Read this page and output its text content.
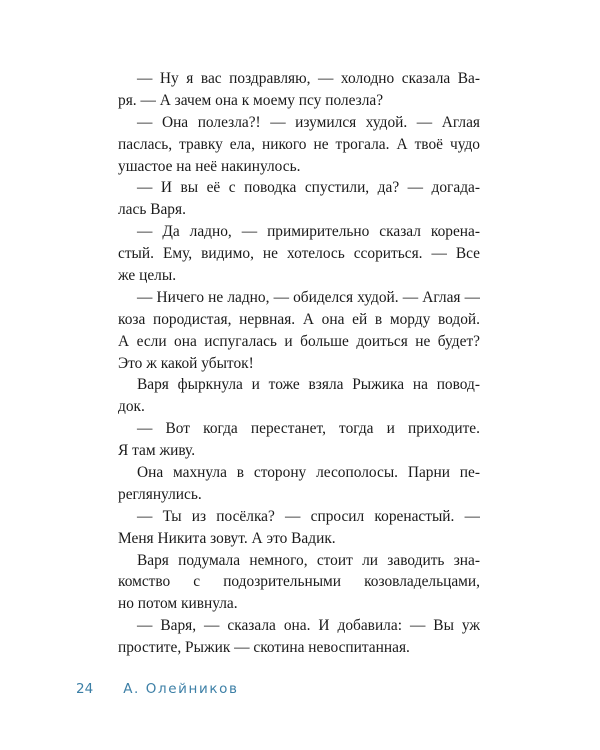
— Ну я вас поздравляю, — холодно сказала Ва-
ря. — А зачем она к моему псу полезла?
— Она полезла?! — изумился худой. — Аглая
паслась, травку ела, никого не трогала. А твоё чудо
ушастое на неё накинулось.
— И вы её с поводка спустили, да? — догада-
лась Варя.
— Да ладно, — примирительно сказал корена-
стый. Ему, видимо, не хотелось ссориться. — Все
же целы.
— Ничего не ладно, — обиделся худой. — Аглая —
коза породистая, нервная. А она ей в морду водой.
А если она испугалась и больше доиться не будет?
Это ж какой убыток!
Варя фыркнула и тоже взяла Рыжика на повод-
док.
— Вот когда перестанет, тогда и приходите.
Я там живу.
Она махнула в сторону лесополосы. Парни пе-
реглянулись.
— Ты из посёлка? — спросил коренастый. —
Меня Никита зовут. А это Вадик.
Варя подумала немного, стоит ли заводить зна-
комство с подозрительными козовладельцами,
но потом кивнула.
— Варя, — сказала она. И добавила: — Вы уж
простите, Рыжик — скотина невоспитанная.
24 А. Олейников
